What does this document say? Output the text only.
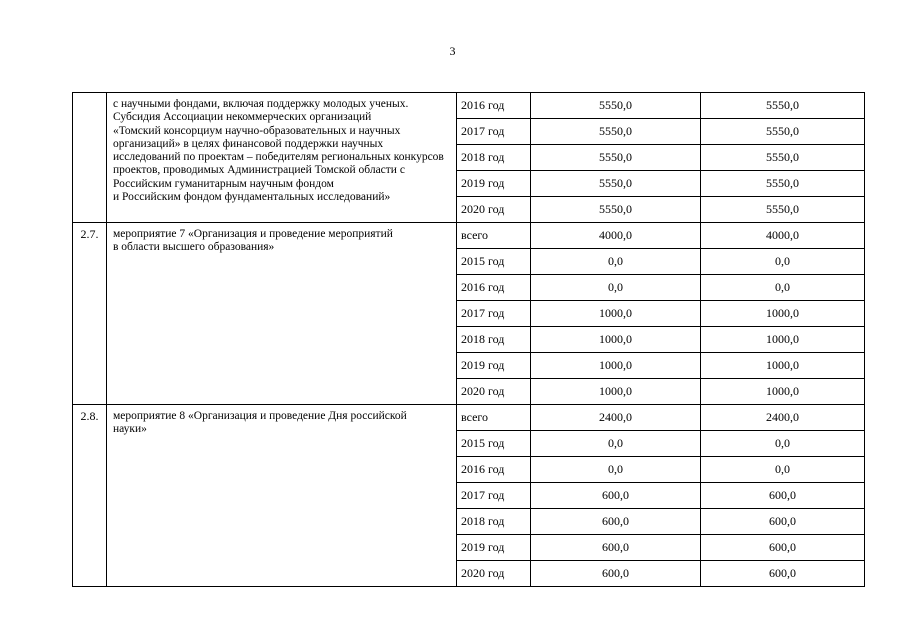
3
	с научными фондами, включая поддержку молодых ученых.
Субсидия Ассоциации некоммерческих организаций
«Томский консорциум научно-образовательных и научных организаций» в целях финансовой поддержки научных исследований по проектам – победителям региональных конкурсов проектов, проводимых Администрацией Томской области с Российским гуманитарным научным фондом
и Российским фондом фундаментальных исследований»	2016 год	5550,0	5550,0
		2017 год	5550,0	5550,0
		2018 год	5550,0	5550,0
		2019 год	5550,0	5550,0
		2020 год	5550,0	5550,0
2.7.	мероприятие 7 «Организация и проведение мероприятий
в области высшего образования»	всего	4000,0	4000,0
		2015 год	0,0	0,0
		2016 год	0,0	0,0
		2017 год	1000,0	1000,0
		2018 год	1000,0	1000,0
		2019 год	1000,0	1000,0
		2020 год	1000,0	1000,0
2.8.	мероприятие 8 «Организация и проведение Дня российской
науки»	всего	2400,0	2400,0
		2015 год	0,0	0,0
		2016 год	0,0	0,0
		2017 год	600,0	600,0
		2018 год	600,0	600,0
		2019 год	600,0	600,0
		2020 год	600,0	600,0
